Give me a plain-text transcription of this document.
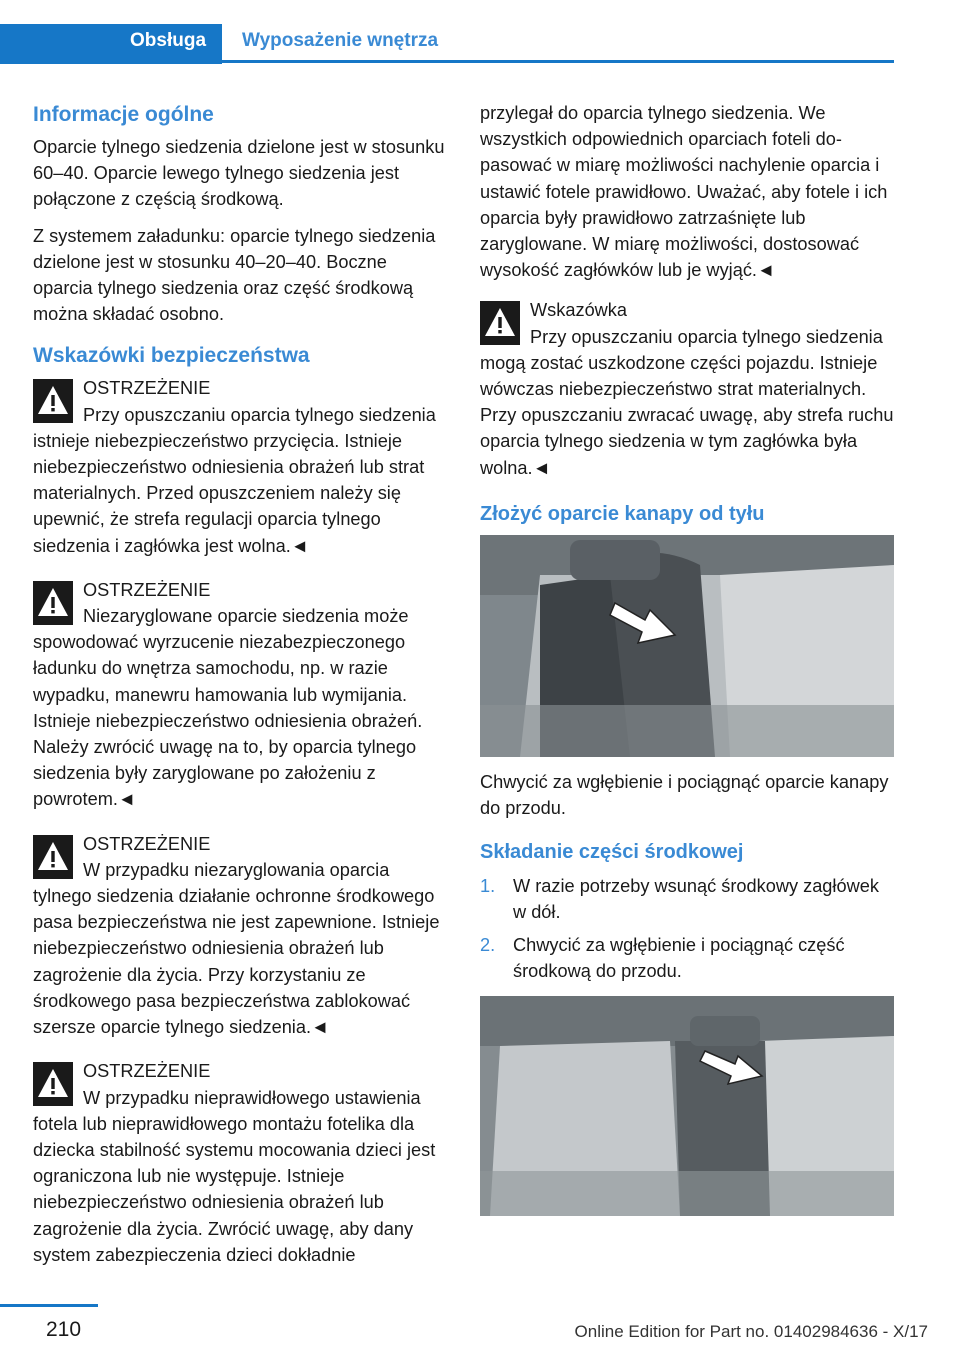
Obsługa Wyposażenie wnętrza
Informacje ogólne

Oparcie tylnego siedzenia dzielone jest w stosunku 60–40. Oparcie lewego tylnego siedzenia jest połączone z częścią środkową.

Z systemem załadunku: oparcie tylnego siedzenia dzielone jest w stosunku 40–20–40. Boczne oparcia tylnego siedzenia oraz część środkową można składać osobno.

Wskazówki bezpieczeństwa
OSTRZEŻENIE
Przy opuszczaniu oparcia tylnego siedzenia istnieje niebezpieczeństwo przycięcia. Istnieje niebezpieczeństwo odniesienia obrażeń lub strat materialnych. Przed opuszczeniem należy się upewnić, że strefa regulacji oparcia tylnego siedzenia i zagłówka jest wolna.◄
OSTRZEŻENIE
Niezaryglowane oparcie siedzenia może spowodować wyrzucenie niezabezpieczonego ładunku do wnętrza samochodu, np. w razie wypadku, manewru hamowania lub wymijania. Istnieje niebezpieczeństwo odniesienia obrażeń. Należy zwrócić uwagę na to, by oparcia tylnego siedzenia były zaryglowane po założeniu z powrotem.◄
OSTRZEŻENIE
W przypadku niezaryglowania oparcia tylnego siedzenia działanie ochronne środkowego pasa bezpieczeństwa nie jest zapewnione. Istnieje niebezpieczeństwo odniesienia obrażeń lub zagrożenie dla życia. Przy korzystaniu ze środkowego pasa bezpieczeństwa zablokować szersze oparcie tylnego siedzenia.◄
OSTRZEŻENIE
W przypadku nieprawidłowego ustawienia fotela lub nieprawidłowego montażu fotelika dla dziecka stabilność systemu mocowania dzieci jest ograniczona lub nie występuje. Istnieje niebezpieczeństwo odniesienia obrażeń lub zagrożenie dla życia. Zwrócić uwagę, aby dany system zabezpieczenia dzieci dokładnie

przylegał do oparcia tylnego siedzenia. We wszystkich odpowiednich oparciach foteli dopasować w miarę możliwości nachylenie oparcia i ustawić fotele prawidłowo. Uważać, aby fotele i ich oparcia były prawidłowo zatrzaśnięte lub zaryglowane. W miarę możliwości, dostosować wysokość zagłówków lub je wyjąć.◄

Wskazówka
Przy opuszczaniu oparcia tylnego siedzenia mogą zostać uszkodzone części pojazdu. Istnieje wówczas niebezpieczeństwo strat materialnych. Przy opuszczaniu zwracać uwagę, aby strefa ruchu oparcia tylnego siedzenia w tym zagłówka była wolna.◄
Złożyć oparcie kanapy od tyłu

Chwycić za wgłębienie i pociągnąć oparcie kanapy do przodu.

Składanie części środkowej
1. W razie potrzeby wsunąć środkowy zagłówek w dół.
2. Chwycić za wgłębienie i pociągnąć część środkową do przodu.
210	Online Edition for Part no. 01402984636 - X/17
